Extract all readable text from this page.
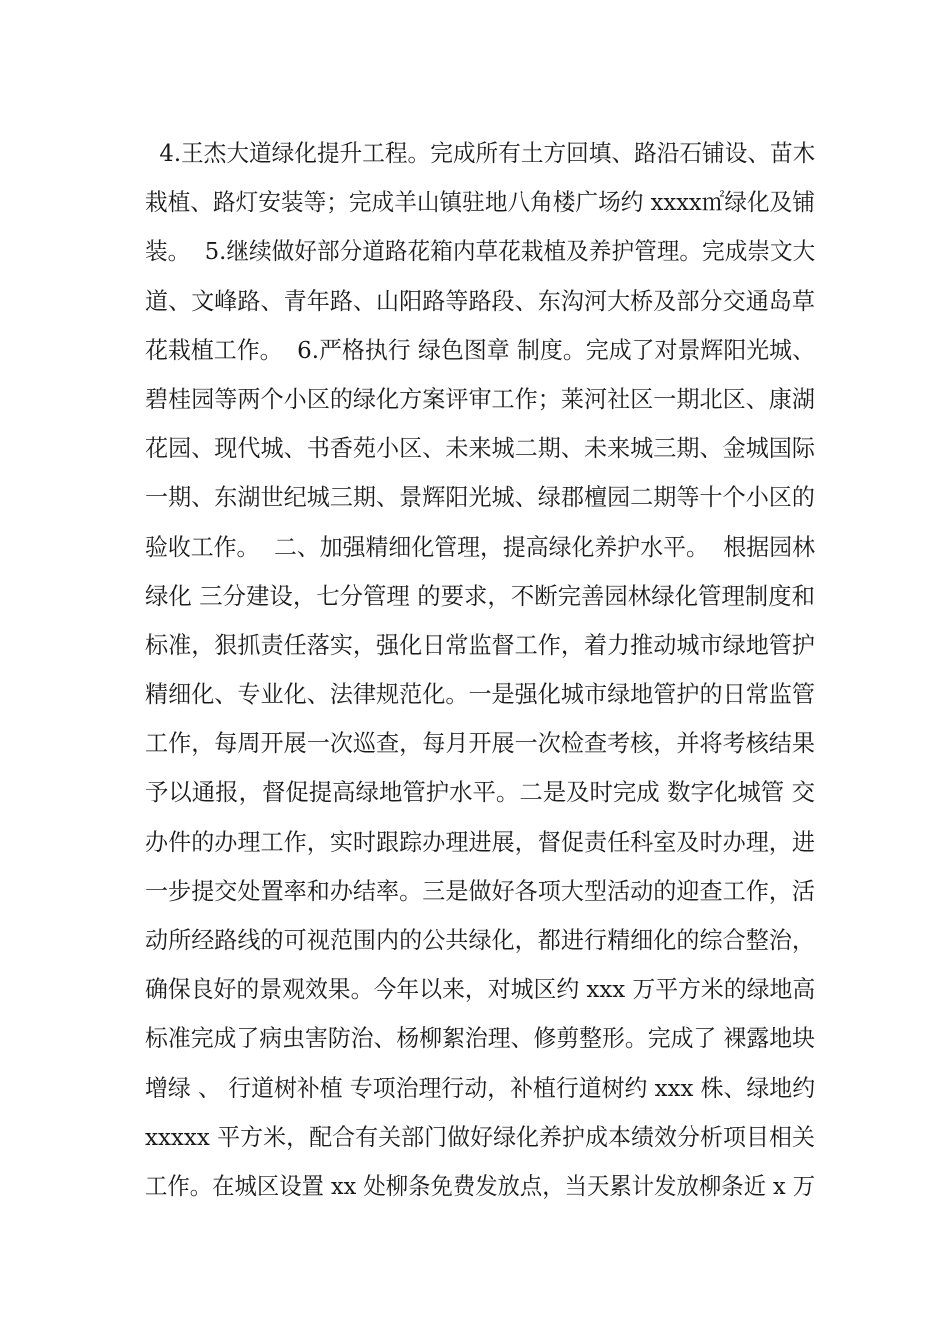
4.王杰大道绿化提升工程。完成所有土方回填、路沿石铺设、苗木
栽植、路灯安装等；完成羊山镇驻地八角楼广场约 xxxx㎡绿化及铺
装。  5.继续做好部分道路花箱内草花栽植及养护管理。完成崇文大
道、文峰路、青年路、山阳路等路段、东沟河大桥及部分交通岛草
花栽植工作。  6.严格执行 绿色图章 制度。完成了对景辉阳光城、
碧桂园等两个小区的绿化方案评审工作；莱河社区一期北区、康湖
花园、现代城、书香苑小区、未来城二期、未来城三期、金城国际
一期、东湖世纪城三期、景辉阳光城、绿郡檀园二期等十个小区的
验收工作。  二、加强精细化管理，提高绿化养护水平。  根据园林
绿化 三分建设，七分管理 的要求，不断完善园林绿化管理制度和
标准，狠抓责任落实，强化日常监督工作，着力推动城市绿地管护
精细化、专业化、法律规范化。一是强化城市绿地管护的日常监管
工作，每周开展一次巡查，每月开展一次检查考核，并将考核结果
予以通报，督促提高绿地管护水平。二是及时完成 数字化城管 交
办件的办理工作，实时跟踪办理进展，督促责任科室及时办理，进
一步提交处置率和办结率。三是做好各项大型活动的迎查工作，活
动所经路线的可视范围内的公共绿化，都进行精细化的综合整治，
确保良好的景观效果。今年以来，对城区约 xxx 万平方米的绿地高
标准完成了病虫害防治、杨柳絮治理、修剪整形。完成了 裸露地块
增绿 、 行道树补植 专项治理行动，补植行道树约 xxx 株、绿地约
xxxxx 平方米，配合有关部门做好绿化养护成本绩效分析项目相关
工作。在城区设置 xx 处柳条免费发放点，当天累计发放柳条近 x 万
